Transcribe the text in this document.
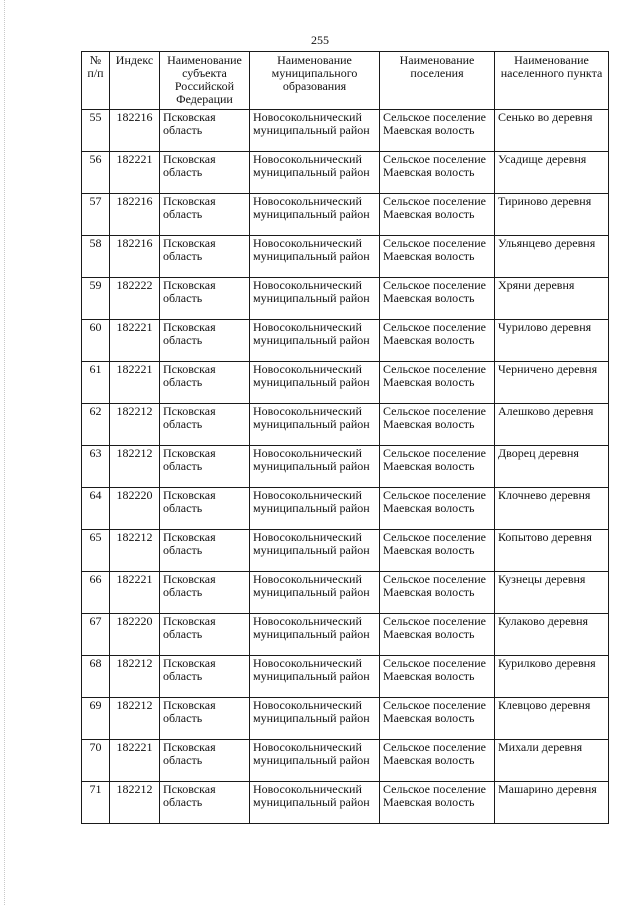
255
№ п/п	Индекс	Наименование субъекта Российской Федерации	Наименование муниципального образования	Наименование поселения	Наименование населенного пункта
55	182216	Псковская область	Новосокольнический муниципальный район	Сельское поселение Маевская волость	Сенько во деревня
56	182221	Псковская область	Новосокольнический муниципальный район	Сельское поселение Маевская волость	Усадище деревня
57	182216	Псковская область	Новосокольнический муниципальный район	Сельское поселение Маевская волость	Тириново деревня
58	182216	Псковская область	Новосокольнический муниципальный район	Сельское поселение Маевская волость	Ульянцево деревня
59	182222	Псковская область	Новосокольнический муниципальный район	Сельское поселение Маевская волость	Хряни деревня
60	182221	Псковская область	Новосокольнический муниципальный район	Сельское поселение Маевская волость	Чурилово деревня
61	182221	Псковская область	Новосокольнический муниципальный район	Сельское поселение Маевская волость	Черничено деревня
62	182212	Псковская область	Новосокольнический муниципальный район	Сельское поселение Маевская волость	Алешково деревня
63	182212	Псковская область	Новосокольнический муниципальный район	Сельское поселение Маевская волость	Дворец деревня
64	182220	Псковская область	Новосокольнический муниципальный район	Сельское поселение Маевская волость	Клочнево деревня
65	182212	Псковская область	Новосокольнический муниципальный район	Сельское поселение Маевская волость	Копытово деревня
66	182221	Псковская область	Новосокольнический муниципальный район	Сельское поселение Маевская волость	Кузнецы деревня
67	182220	Псковская область	Новосокольнический муниципальный район	Сельское поселение Маевская волость	Кулаково деревня
68	182212	Псковская область	Новосокольнический муниципальный район	Сельское поселение Маевская волость	Курилково деревня
69	182212	Псковская область	Новосокольнический муниципальный район	Сельское поселение Маевская волость	Клевцово деревня
70	182221	Псковская область	Новосокольнический муниципальный район	Сельское поселение Маевская волость	Михали деревня
71	182212	Псковская область	Новосокольнический муниципальный район	Сельское поселение Маевская волость	Машарино деревня
